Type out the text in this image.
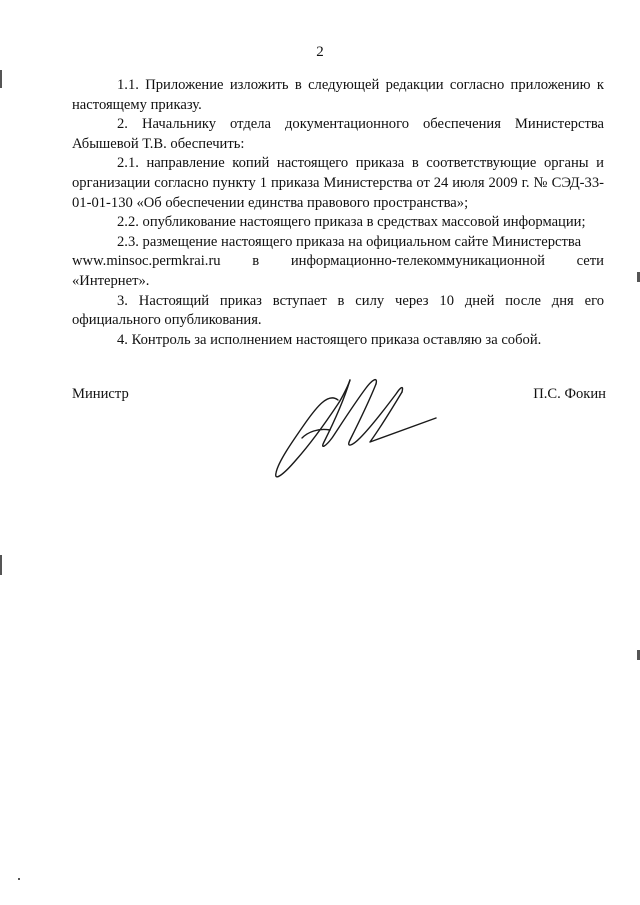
2

1.1. Приложение изложить в следующей редакции согласно приложению к настоящему приказу.

2. Начальнику отдела документационного обеспечения Министерства Абышевой Т.В. обеспечить:

2.1. направление копий настоящего приказа в соответствующие органы и организации согласно пункту 1 приказа Министерства от 24 июля 2009 г. № СЭД-33-01-01-130 «Об обеспечении единства правового пространства»;

2.2. опубликование настоящего приказа в средствах массовой информации;

2.3. размещение настоящего приказа на официальном сайте Министерства
www.minsoc.permkrai.ru в информационно-телекоммуникационной сети
«Интернет».

3. Настоящий приказ вступает в силу через 10 дней после дня его официального опубликования.

4. Контроль за исполнением настоящего приказа оставляю за собой.

Министр	П.С. Фокин
